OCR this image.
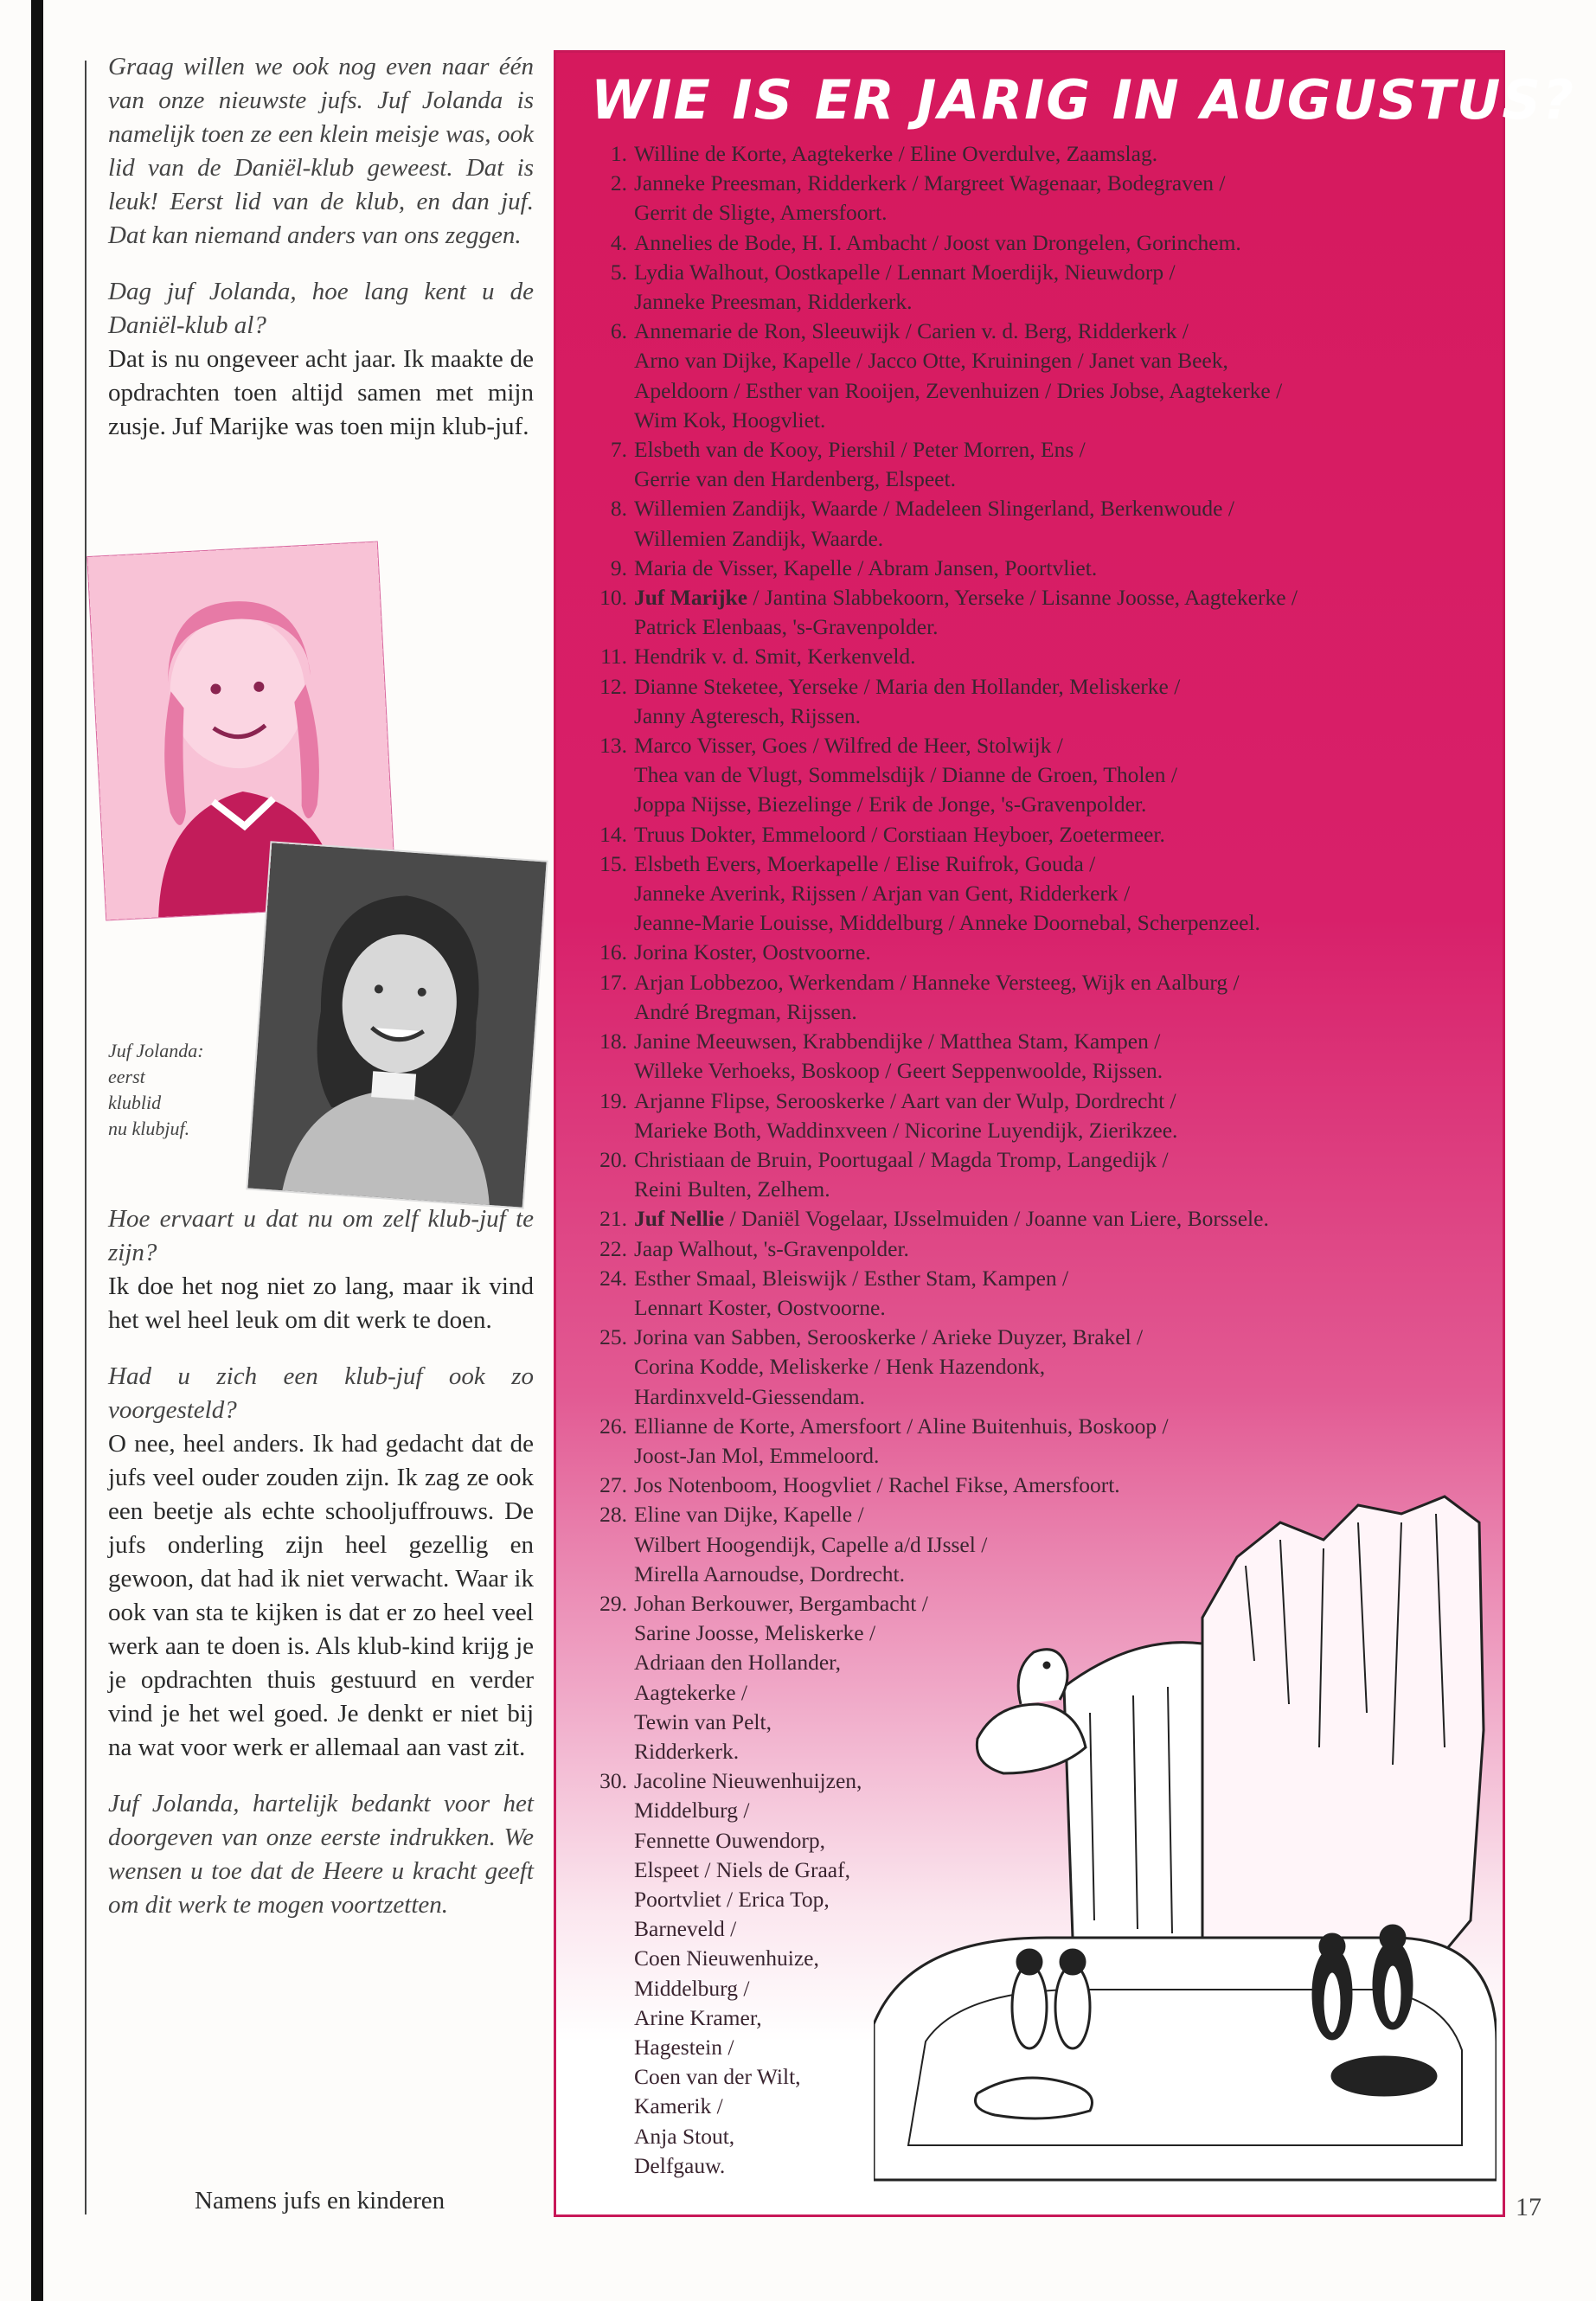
Graag willen we ook nog even naar één van onze nieuwste jufs. Juf Jolanda is namelijk toen ze een klein meisje was, ook lid van de Daniël-klub geweest. Dat is leuk! Eerst lid van de klub, en dan juf. Dat kan niemand anders van ons zeggen.

Dag juf Jolanda, hoe lang kent u de Daniël-klub al?
Dat is nu ongeveer acht jaar. Ik maakte de opdrachten toen altijd samen met mijn zusje. Juf Marijke was toen mijn klub-juf.

Juf Jolanda:
eerst
klublid
nu klubjuf.

Hoe ervaart u dat nu om zelf klub-juf te zijn?
Ik doe het nog niet zo lang, maar ik vind het wel heel leuk om dit werk te doen.

Had u zich een klub-juf ook zo voorgesteld?
O nee, heel anders. Ik had gedacht dat de jufs veel ouder zouden zijn. Ik zag ze ook een beetje als echte schooljuffrouws. De jufs onderling zijn heel gezellig en gewoon, dat had ik niet verwacht. Waar ik ook van sta te kijken is dat er zo heel veel werk aan te doen is. Als klub-kind krijg je je opdrachten thuis gestuurd en verder vind je het wel goed. Je denkt er niet bij na wat voor werk er allemaal aan vast zit.

Juf Jolanda, hartelijk bedankt voor het doorgeven van onze eerste indrukken. We wensen u toe dat de Heere u kracht geeft om dit werk te mogen voortzetten.

Namens jufs en kinderen
WIE IS ER JARIG IN AUGUSTUS?
1. Willine de Korte, Aagtekerke / Eline Overdulve, Zaamslag.
2. Janneke Preesman, Ridderkerk / Margreet Wagenaar, Bodegraven /
Gerrit de Sligte, Amersfoort.
4. Annelies de Bode, H. I. Ambacht / Joost van Drongelen, Gorinchem.
5. Lydia Walhout, Oostkapelle / Lennart Moerdijk, Nieuwdorp /
Janneke Preesman, Ridderkerk.
6. Annemarie de Ron, Sleeuwijk / Carien v. d. Berg, Ridderkerk /
Arno van Dijke, Kapelle / Jacco Otte, Kruiningen / Janet van Beek,
Apeldoorn / Esther van Rooijen, Zevenhuizen / Dries Jobse, Aagtekerke /
Wim Kok, Hoogvliet.
7. Elsbeth van de Kooy, Piershil / Peter Morren, Ens /
Gerrie van den Hardenberg, Elspeet.
8. Willemien Zandijk, Waarde / Madeleen Slingerland, Berkenwoude /
Willemien Zandijk, Waarde.
9. Maria de Visser, Kapelle / Abram Jansen, Poortvliet.
10. Juf Marijke / Jantina Slabbekoorn, Yerseke / Lisanne Joosse, Aagtekerke /
Patrick Elenbaas, 's-Gravenpolder.
11. Hendrik v. d. Smit, Kerkenveld.
12. Dianne Steketee, Yerseke / Maria den Hollander, Meliskerke /
Janny Agteresch, Rijssen.
13. Marco Visser, Goes / Wilfred de Heer, Stolwijk /
Thea van de Vlugt, Sommelsdijk / Dianne de Groen, Tholen /
Joppa Nijsse, Biezelinge / Erik de Jonge, 's-Gravenpolder.
14. Truus Dokter, Emmeloord / Corstiaan Heyboer, Zoetermeer.
15. Elsbeth Evers, Moerkapelle / Elise Ruifrok, Gouda /
Janneke Averink, Rijssen / Arjan van Gent, Ridderkerk /
Jeanne-Marie Louisse, Middelburg / Anneke Doornebal, Scherpenzeel.
16. Jorina Koster, Oostvoorne.
17. Arjan Lobbezoo, Werkendam / Hanneke Versteeg, Wijk en Aalburg /
André Bregman, Rijssen.
18. Janine Meeuwsen, Krabbendijke / Matthea Stam, Kampen /
Willeke Verhoeks, Boskoop / Geert Seppenwoolde, Rijssen.
19. Arjanne Flipse, Serooskerke / Aart van der Wulp, Dordrecht /
Marieke Both, Waddinxveen / Nicorine Luyendijk, Zierikzee.
20. Christiaan de Bruin, Poortugaal / Magda Tromp, Langedijk /
Reini Bulten, Zelhem.
21. Juf Nellie / Daniël Vogelaar, IJsselmuiden / Joanne van Liere, Borssele.
22. Jaap Walhout, 's-Gravenpolder.
24. Esther Smaal, Bleiswijk / Esther Stam, Kampen /
Lennart Koster, Oostvoorne.
25. Jorina van Sabben, Serooskerke / Arieke Duyzer, Brakel /
Corina Kodde, Meliskerke / Henk Hazendonk,
Hardinxveld-Giessendam.
26. Ellianne de Korte, Amersfoort / Aline Buitenhuis, Boskoop /
Joost-Jan Mol, Emmeloord.
27. Jos Notenboom, Hoogvliet / Rachel Fikse, Amersfoort.
28. Eline van Dijke, Kapelle /
Wilbert Hoogendijk, Capelle a/d IJssel /
Mirella Aarnoudse, Dordrecht.
29. Johan Berkouwer, Bergambacht /
Sarine Joosse, Meliskerke /
Adriaan den Hollander,
Aagtekerke /
Tewin van Pelt,
Ridderkerk.
30. Jacoline Nieuwenhuijzen,
Middelburg /
Fennette Ouwendorp,
Elspeet / Niels de Graaf,
Poortvliet / Erica Top,
Barneveld /
Coen Nieuwenhuize,
Middelburg /
Arine Kramer,
Hagestein /
Coen van der Wilt,
Kamerik /
Anja Stout,
Delfgauw.
17
